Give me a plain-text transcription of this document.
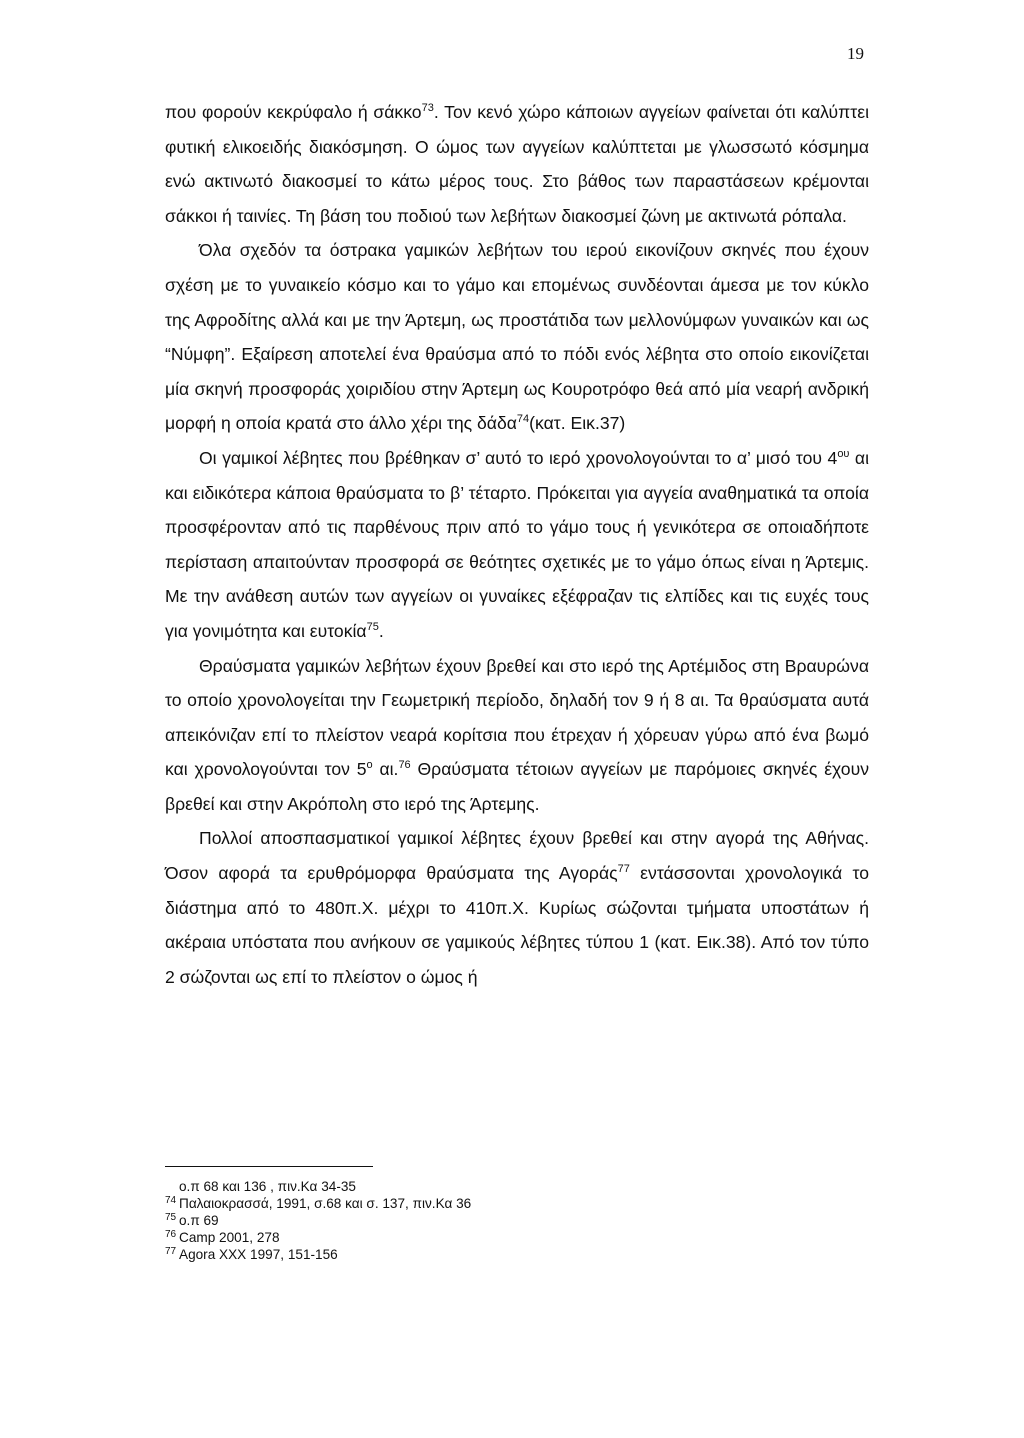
19

που φορούν κεκρύφαλο ή σάκκο$^{73}$. Τον κενό χώρο κάποιων αγγείων φαίνεται ότι καλύπτει φυτική ελικοειδής διακόσμηση. Ο ώμος των αγγείων καλύπτεται με γλωσσωτό κόσμημα ενώ ακτινωτό διακοσμεί το κάτω μέρος τους. Στο βάθος των παραστάσεων κρέμονται σάκκοι ή ταινίες. Τη βάση του ποδιού των λεβήτων διακοσμεί ζώνη με ακτινωτά ρόπαλα.

Όλα σχεδόν τα όστρακα γαμικών λεβήτων του ιερού εικονίζουν σκηνές που έχουν σχέση με το γυναικείο κόσμο και το γάμο και επομένως συνδέονται άμεσα με τον κύκλο της Αφροδίτης αλλά και με την Άρτεμη, ως προστάτιδα των μελλονύμφων γυναικών και ως “Νύμφη”. Εξαίρεση αποτελεί ένα θραύσμα από το πόδι ενός λέβητα στο οποίο εικονίζεται μία σκηνή προσφοράς χοιριδίου στην Άρτεμη ως Κουροτρόφο θεά από μία νεαρή ανδρική μορφή η οποία κρατά στο άλλο χέρι της δάδα$^{74}$(κατ. Εικ.37)

Οι γαμικοί λέβητες που βρέθηκαν σ’ αυτό το ιερό χρονολογούνται το α’ μισό του $4^{o\upsilon}$ αι και ειδικότερα κάποια θραύσματα το β’ τέταρτο. Πρόκειται για αγγεία αναθηματικά τα οποία προσφέρονταν από τις παρθένους πριν από το γάμο τους ή γενικότερα σε οποιαδήποτε περίσταση απαιτούνταν προσφορά σε θεότητες σχετικές με το γάμο όπως είναι η Άρτεμις. Με την ανάθεση αυτών των αγγείων οι γυναίκες εξέφραζαν τις ελπίδες και τις ευχές τους για γονιμότητα και ευτοκία$^{75}$.

Θραύσματα γαμικών λεβήτων έχουν βρεθεί και στο ιερό της Αρτέμιδος στη Βραυρώνα το οποίο χρονολογείται την Γεωμετρική περίοδο, δηλαδή τον 9 ή 8 αι. Τα θραύσματα αυτά απεικόνιζαν επί το πλείστον νεαρά κορίτσια που έτρεχαν ή χόρευαν γύρω από ένα βωμό και χρονολογούνται τον $5^o$ αι.$^{76}$ Θραύσματα τέτοιων αγγείων με παρόμοιες σκηνές έχουν βρεθεί και στην Ακρόπολη στο ιερό της Άρτεμης.

Πολλοί αποσπασματικοί γαμικοί λέβητες έχουν βρεθεί και στην αγορά της Αθήνας. Όσον αφορά τα ερυθρόμορφα θραύσματα της Αγοράς$^{77}$ εντάσσονται χρονολογικά το διάστημα από το 480π.Χ. μέχρι το 410π.Χ. Κυρίως σώζονται τμήματα υποστάτων ή ακέραια υπόστατα που ανήκουν σε γαμικούς λέβητες τύπου 1 (κατ. Εικ.38). Από τον τύπο 2 σώζονται ως επί το πλείστον ο ώμος ή

ο.π 68 και 136 , πιν.Κα 34-35
74 Παλαιοκρασσά, 1991, σ.68 και σ. 137, πιν.Κα 36
75 ο.π 69
76 Camp 2001, 278
77 Agora XXX 1997, 151-156
